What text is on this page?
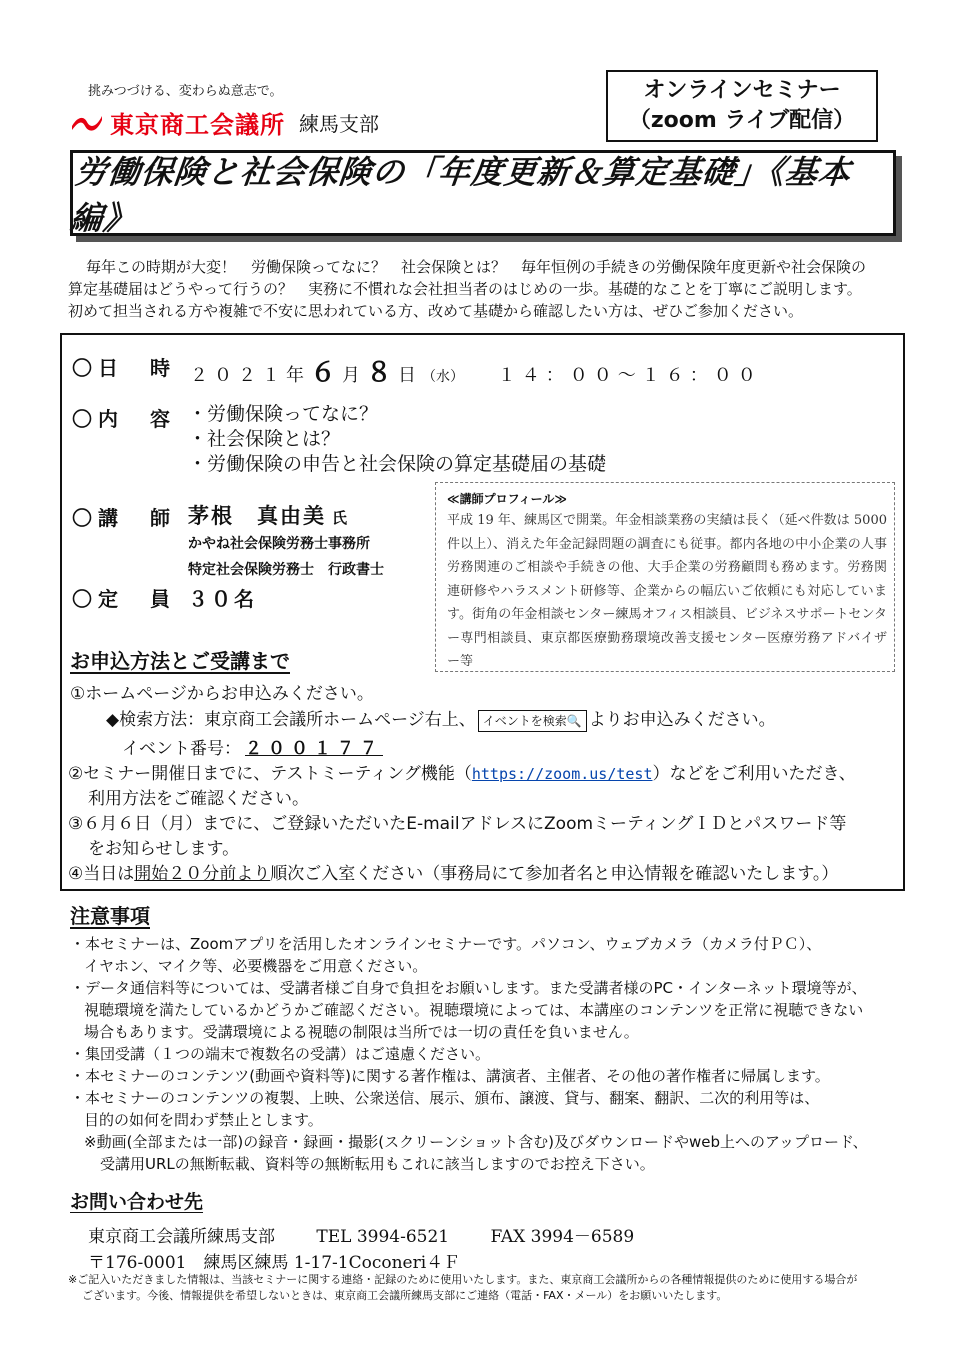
挑みつづける、変わらぬ意志で。
東京商工会議所 練馬支部
オンラインセミナー
（zoom ライブ配信）
労働保険と社会保険の「年度更新＆算定基礎」《基本編》

毎年この時期が大変！　労働保険ってなに？　社会保険とは？　毎年恒例の手続きの労働保険年度更新や社会保険の

算定基礎届はどうやって行うの？　実務に不慣れな会社担当者のはじめの一歩。基礎的なことを丁寧にご説明します。

初めて担当される方や複雑で不安に思われている方、改めて基礎から確認したい方は、ぜひご参加ください。

〇日　時 ２０２１年６月８日（水） １４：００～１６：００
〇内　容 ・労働保険ってなに？
・社会保険とは？
・労働保険の申告と社会保険の算定基礎届の基礎
〇講　師 茅根　真由美 氏
かやね社会保険労務士事務所
特定社会保険労務士　行政書士
〇定　員 ３０名
≪講師プロフィール≫
平成 19 年、練馬区で開業。年金相談業務の実績は長く（延べ件数は 5000 件以上）、消えた年金記録問題の調査にも従事。都内各地の中小企業の人事労務関連のご相談や手続きの他、大手企業の労務顧問も務めます。労務関連研修やハラスメント研修等、企業からの幅広いご依頼にも対応しています。街角の年金相談センター練馬オフィス相談員、ビジネスサポートセンター専門相談員、東京都医療勤務環境改善支援センター医療労務アドバイザー等
お申込方法とご受講まで
①ホームページからお申込みください。
◆検索方法：東京商工会議所ホームページ右上、 イベントを検索🔍 よりお申込みください。
イベント番号： ２００１７７
②セミナー開催日までに、テストミーティング機能（https://zoom.us/test）などをご利用いただき、
利用方法をご確認ください。
③６月６日（月）までに、ご登録いただいたE-mailアドレスにZoomミーティングＩＤとパスワード等
をお知らせします。
④当日は開始２０分前より順次ご入室ください（事務局にて参加者名と申込情報を確認いたします。）
注意事項

・本セミナーは、Zoomアプリを活用したオンラインセミナーです。パソコン、ウェブカメラ（カメラ付ＰＣ）、

イヤホン、マイク等、必要機器をご用意ください。

・データ通信料等については、受講者様ご自身で負担をお願いします。また受講者様のPC・インターネット環境等が、

視聴環境を満たしているかどうかご確認ください。視聴環境によっては、本講座のコンテンツを正常に視聴できない

場合もあります。受講環境による視聴の制限は当所では一切の責任を負いません。

・集団受講（１つの端末で複数名の受講）はご遠慮ください。

・本セミナーのコンテンツ(動画や資料等)に関する著作権は、講演者、主催者、その他の著作権者に帰属します。

・本セミナーのコンテンツの複製、上映、公衆送信、展示、頒布、譲渡、貸与、翻案、翻訳、二次的利用等は、

目的の如何を問わず禁止とします。

※動画(全部または一部)の録音・録画・撮影(スクリーンショット含む)及びダウンロードやweb上へのアップロード、

受講用URLの無断転載、資料等の無断転用もこれに該当しますのでお控え下さい。

お問い合わせ先
東京商工会議所練馬支部 TEL 3994-6521 FAX 3994－6589
〒176-0001　練馬区練馬 1-17-1Coconeri４Ｆ

※ご記入いただきました情報は、当該セミナーに関する連絡・記録のために使用いたします。また、東京商工会議所からの各種情報提供のために使用する場合が

ございます。今後、情報提供を希望しないときは、東京商工会議所練馬支部にご連絡（電話・FAX・メール）をお願いいたします。
